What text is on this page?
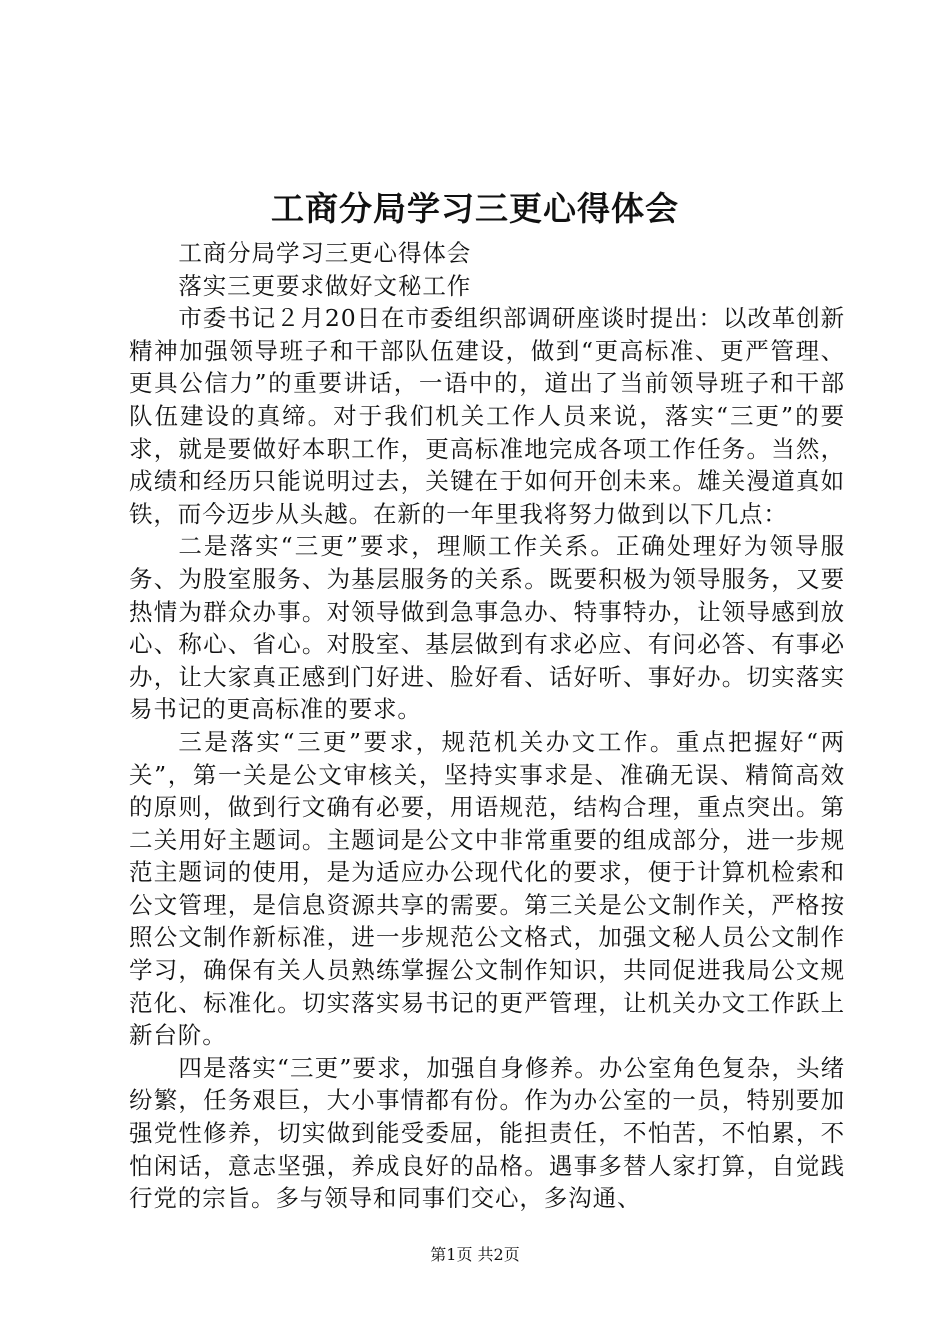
工商分局学习三更心得体会

工商分局学习三更心得体会

落实三更要求做好文秘工作

市委书记２月20日在市委组织部调研座谈时提出：以改革创新精神加强领导班子和干部队伍建设，做到“更高标准、更严管理、更具公信力”的重要讲话，一语中的，道出了当前领导班子和干部队伍建设的真缔。对于我们机关工作人员来说，落实“三更”的要求，就是要做好本职工作，更高标准地完成各项工作任务。当然，成绩和经历只能说明过去，关键在于如何开创未来。雄关漫道真如铁，而今迈步从头越。在新的一年里我将努力做到以下几点：

二是落实“三更”要求，理顺工作关系。正确处理好为领导服务、为股室服务、为基层服务的关系。既要积极为领导服务，又要热情为群众办事。对领导做到急事急办、特事特办，让领导感到放心、称心、省心。对股室、基层做到有求必应、有问必答、有事必办，让大家真正感到门好进、脸好看、话好听、事好办。切实落实易书记的更高标准的要求。

三是落实“三更”要求，规范机关办文工作。重点把握好“两关”，第一关是公文审核关，坚持实事求是、准确无误、精简高效的原则，做到行文确有必要，用语规范，结构合理，重点突出。第二关用好主题词。主题词是公文中非常重要的组成部分，进一步规范主题词的使用，是为适应办公现代化的要求，便于计算机检索和公文管理，是信息资源共享的需要。第三关是公文制作关，严格按照公文制作新标准，进一步规范公文格式，加强文秘人员公文制作学习，确保有关人员熟练掌握公文制作知识，共同促进我局公文规范化、标准化。切实落实易书记的更严管理，让机关办文工作跃上新台阶。

四是落实“三更”要求，加强自身修养。办公室角色复杂，头绪纷繁，任务艰巨，大小事情都有份。作为办公室的一员，特别要加强党性修养，切实做到能受委屈，能担责任，不怕苦，不怕累，不怕闲话，意志坚强，养成良好的品格。遇事多替人家打算，自觉践行党的宗旨。多与领导和同事们交心，多沟通、

第1页 共2页
